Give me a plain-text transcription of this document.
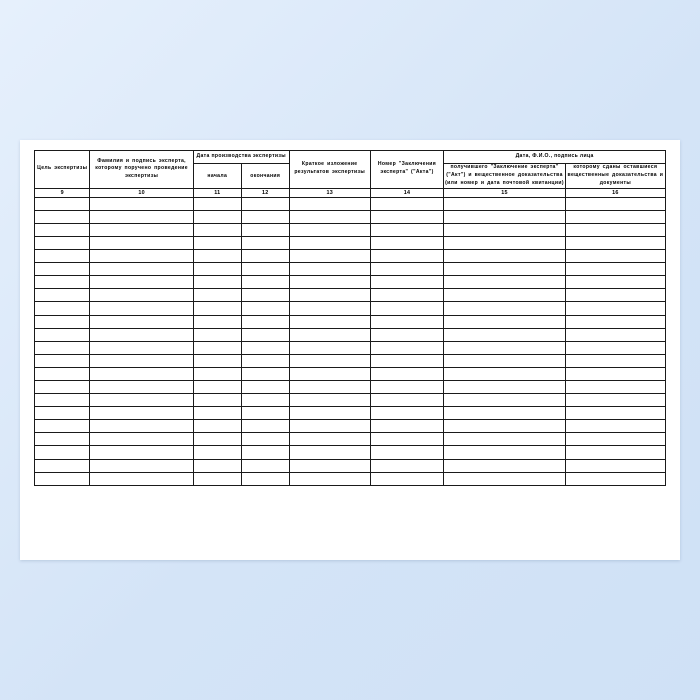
Цель экспертизы	Фамилия и подпись эксперта, которому поручено проведение экспертизы	Дата производства экспертизы		Краткое изложение результатов экспертизы	Номер "Заключения эксперта" ("Акта")	Дата, Ф.И.О., подпись лица	
		начала	окончания			получившего "Заключение эксперта" ("Акт") и вещественное доказательства (или номер и дата почтовой квитанции)	которому сданы оставшиеся вещественные доказательства и документы
9	10	11	12	13	14	15	16
